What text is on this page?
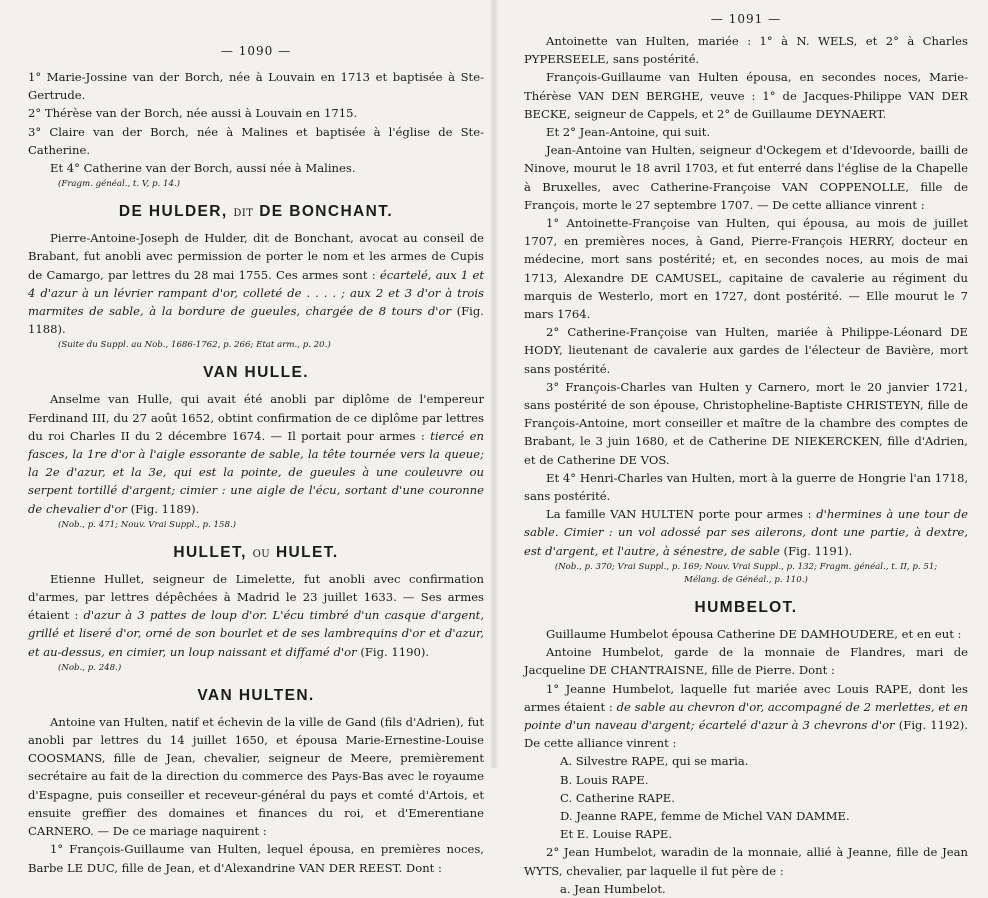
— 1090 —

1° Marie-Jossine van der Borch, née à Louvain en 1713 et baptisée à Ste-Gertrude.

2° Thérèse van der Borch, née aussi à Louvain en 1715.

3° Claire van der Borch, née à Malines et baptisée à l'église de Ste-Catherine.

Et 4° Catherine van der Borch, aussi née à Malines.

(Fragm. généal., t. V, p. 14.)

DE HULDER, DIT DE BONCHANT.

Pierre-Antoine-Joseph de Hulder, dit de Bonchant, avocat au conseil de Brabant, fut anobli avec permission de porter le nom et les armes de Cupis de Camargo, par lettres du 28 mai 1755. Ces armes sont : écartelé, aux 1 et 4 d'azur à un lévrier rampant d'or, colleté de . . . . ; aux 2 et 3 d'or à trois marmites de sable, à la bordure de gueules, chargée de 8 tours d'or (Fig. 1188).

(Suite du Suppl. au Nob., 1686-1762, p. 266; Etat arm., p. 20.)

VAN HULLE.

Anselme van Hulle, qui avait été anobli par diplôme de l'empereur Ferdinand III, du 27 août 1652, obtint confirmation de ce diplôme par lettres du roi Charles II du 2 décembre 1674. — Il portait pour armes : tiercé en fasces, la 1re d'or à l'aigle essorante de sable, la tête tournée vers la queue; la 2e d'azur, et la 3e, qui est la pointe, de gueules à une couleuvre ou serpent tortillé d'argent; cimier : une aigle de l'écu, sortant d'une couronne de chevalier d'or (Fig. 1189).

(Nob., p. 471; Nouv. Vrai Suppl., p. 158.)

HULLET, OU HULET.

Etienne Hullet, seigneur de Limelette, fut anobli avec confirmation d'armes, par lettres dépêchées à Madrid le 23 juillet 1633. — Ses armes étaient : d'azur à 3 pattes de loup d'or. L'écu timbré d'un casque d'argent, grillé et liseré d'or, orné de son bourlet et de ses lambrequins d'or et d'azur, et au-dessus, en cimier, un loup naissant et diffamé d'or (Fig. 1190).

(Nob., p. 248.)

VAN HULTEN.

Antoine van Hulten, natif et échevin de la ville de Gand (fils d'Adrien), fut anobli par lettres du 14 juillet 1650, et épousa Marie-Ernestine-Louise COOSMANS, fille de Jean, chevalier, seigneur de Meere, premièrement secrétaire au fait de la direction du commerce des Pays-Bas avec le royaume d'Espagne, puis conseiller et receveur-général du pays et comté d'Artois, et ensuite greffier des domaines et finances du roi, et d'Emerentiane CARNERO. — De ce mariage naquirent :

1° François-Guillaume van Hulten, lequel épousa, en premières noces, Barbe LE DUC, fille de Jean, et d'Alexandrine VAN DER REEST. Dont :

— 1091 —

Antoinette van Hulten, mariée : 1° à N. WELS, et 2° à Charles PYPERSEELE, sans postérité.

François-Guillaume van Hulten épousa, en secondes noces, Marie-Thérèse VAN DEN BERGHE, veuve : 1° de Jacques-Philippe VAN DER BECKE, seigneur de Cappels, et 2° de Guillaume DEYNAERT.

Et 2° Jean-Antoine, qui suit.

Jean-Antoine van Hulten, seigneur d'Ockegem et d'Idevoorde, bailli de Ninove, mourut le 18 avril 1703, et fut enterré dans l'église de la Chapelle à Bruxelles, avec Catherine-Françoise VAN COPPENOLLE, fille de François, morte le 27 septembre 1707. — De cette alliance vinrent :

1° Antoinette-Françoise van Hulten, qui épousa, au mois de juillet 1707, en premières noces, à Gand, Pierre-François HERRY, docteur en médecine, mort sans postérité; et, en secondes noces, au mois de mai 1713, Alexandre DE CAMUSEL, capitaine de cavalerie au régiment du marquis de Westerlo, mort en 1727, dont postérité. — Elle mourut le 7 mars 1764.

2° Catherine-Françoise van Hulten, mariée à Philippe-Léonard DE HODY, lieutenant de cavalerie aux gardes de l'électeur de Bavière, mort sans postérité.

3° François-Charles van Hulten y Carnero, mort le 20 janvier 1721, sans postérité de son épouse, Christopheline-Baptiste CHRISTEYN, fille de François-Antoine, mort conseiller et maître de la chambre des comptes de Brabant, le 3 juin 1680, et de Catherine DE NIEKERCKEN, fille d'Adrien, et de Catherine DE VOS.

Et 4° Henri-Charles van Hulten, mort à la guerre de Hongrie l'an 1718, sans postérité.

La famille VAN HULTEN porte pour armes : d'hermines à une tour de sable. Cimier : un vol adossé par ses ailerons, dont une partie, à dextre, est d'argent, et l'autre, à sénestre, de sable (Fig. 1191).

(Nob., p. 370; Vrai Suppl., p. 169; Nouv. Vrai Suppl., p. 132; Fragm. généal., t. II, p. 51;

Mélang. de Généal., p. 110.)

HUMBELOT.

Guillaume Humbelot épousa Catherine DE DAMHOUDERE, et en eut :

Antoine Humbelot, garde de la monnaie de Flandres, mari de Jacqueline DE CHANTRAISNE, fille de Pierre. Dont :

1° Jeanne Humbelot, laquelle fut mariée avec Louis RAPE, dont les armes étaient : de sable au chevron d'or, accompagné de 2 merlettes, et en pointe d'un naveau d'argent; écartelé d'azur à 3 chevrons d'or (Fig. 1192). De cette alliance vinrent :

A. Silvestre RAPE, qui se maria.

B. Louis RAPE.

C. Catherine RAPE.

D. Jeanne RAPE, femme de Michel VAN DAMME.

Et E. Louise RAPE.

2° Jean Humbelot, waradin de la monnaie, allié à Jeanne, fille de Jean WYTS, chevalier, par laquelle il fut père de :

a. Jean Humbelot.
